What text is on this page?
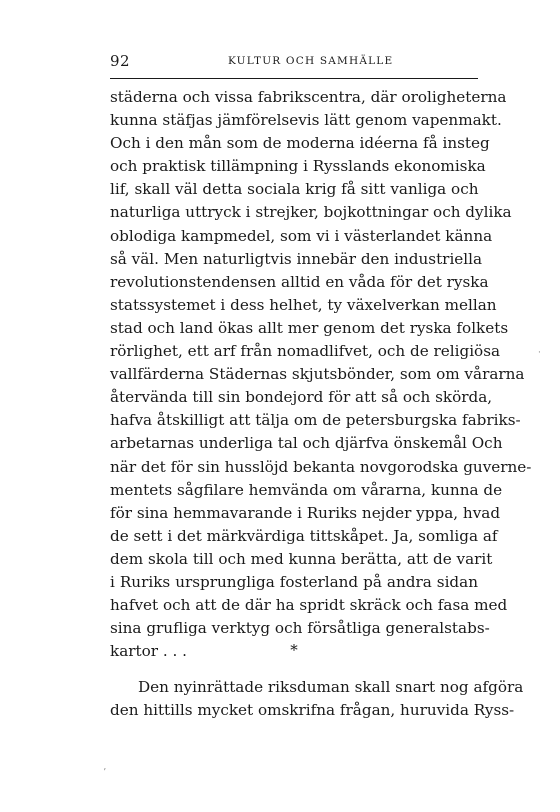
92	KULTUR OCH SAMHÄLLE
städerna och vissa fabrikscentra, där oroligheterna
kunna stäfjas jämförelsevis lätt genom vapenmakt.
Och i den mån som de moderna idéerna få insteg
och praktisk tillämpning i Rysslands ekonomiska
lif, skall väl detta sociala krig få sitt vanliga och
naturliga uttryck i strejker, bojkottningar och dylika
oblodiga kampmedel, som vi i västerlandet känna
så väl. Men naturligtvis innebär den industriella
revolutionstendensen alltid en våda för det ryska
statssystemet i dess helhet, ty växelverkan mellan
stad och land ökas allt mer genom det ryska folkets
rörlighet, ett arf från nomadlifvet, och de religiösa
vallfärderna Städernas skjutsbönder, som om vårarna
återvända till sin bondejord för att så och skörda,
hafva åtskilligt att tälja om de petersburgska fabriks-
arbetarnas underliga tal och djärfva önskemål Och
när det för sin husslöjd bekanta novgorodska guverne-
mentets sågfilare hemvända om vårarna, kunna de
för sina hemmavarande i Ruriks nejder yppa, hvad
de sett i det märkvärdiga tittskåpet. Ja, somliga af
dem skola till och med kunna berätta, att de varit
i Ruriks ursprungliga fosterland på andra sidan
hafvet och att de där ha spridt skräck och fasa med
sina grufliga verktyg och försåtliga generalstabs-
kartor . . .	*
Den nyinrättade riksduman skall snart nog afgöra
den hittills mycket omskrifna frågan, huruvida Ryss-
·
ʼ
